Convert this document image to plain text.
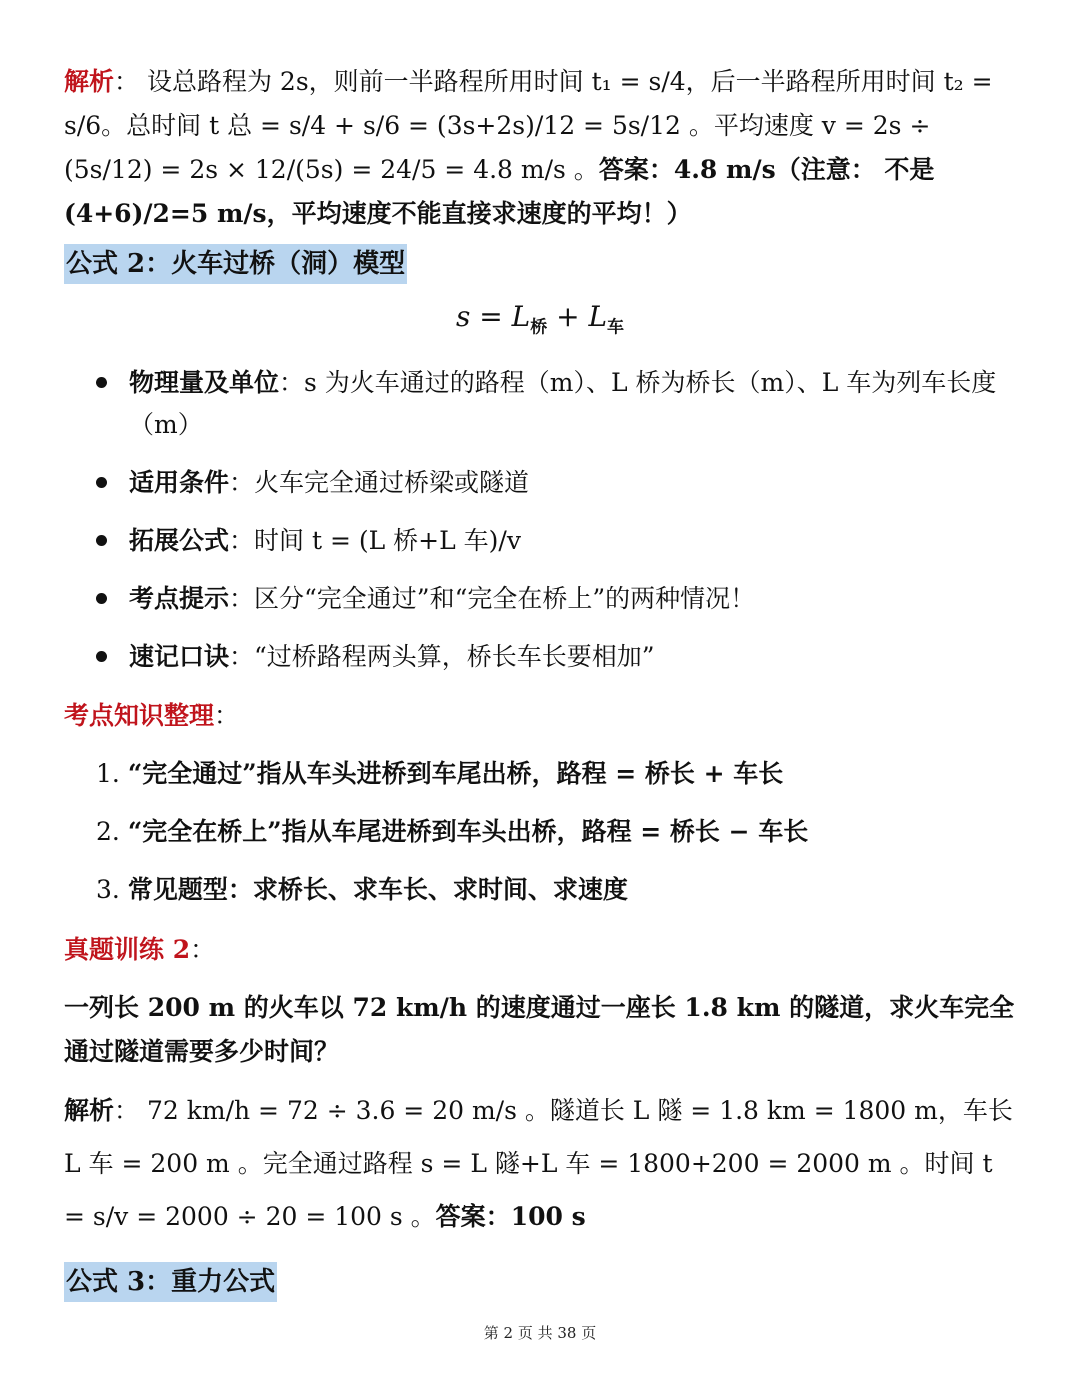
解析： 设总路程为 2s，则前一半路程所用时间 t₁ = s/4，后一半路程所用时间 t₂ = s/6。总时间 t 总 = s/4 + s/6 = (3s+2s)/12 = 5s/12 。平均速度 v = 2s ÷ (5s/12) = 2s × 12/(5s) = 24/5 = 4.8 m/s 。答案：4.8 m/s（注意： 不是(4+6)/2=5 m/s，平均速度不能直接求速度的平均！）

公式 2：火车过桥（洞）模型
$s = L_桥 + L_车$
物理量及单位：s 为火车通过的路程（m）、L 桥为桥长（m）、L 车为列车长度（m）
适用条件：火车完全通过桥梁或隧道
拓展公式：时间 t = (L 桥+L 车)/v
考点提示：区分“完全通过”和“完全在桥上”的两种情况！
速记口诀：“过桥路程两头算，桥长车长要相加”

考点知识整理：

1. “完全通过”指从车头进桥到车尾出桥，路程 = 桥长 + 车长
2. “完全在桥上”指从车尾进桥到车头出桥，路程 = 桥长 − 车长
3. 常见题型：求桥长、求车长、求时间、求速度

真题训练 2：

一列长 200 m 的火车以 72 km/h 的速度通过一座长 1.8 km 的隧道，求火车完全通过隧道需要多少时间？

解析： 72 km/h = 72 ÷ 3.6 = 20 m/s 。隧道长 L 隧 = 1.8 km = 1800 m，车长 L 车 = 200 m 。完全通过路程 s = L 隧+L 车 = 1800+200 = 2000 m 。时间 t = s/v = 2000 ÷ 20 = 100 s 。答案：100 s

公式 3：重力公式
第 2 页 共 38 页
